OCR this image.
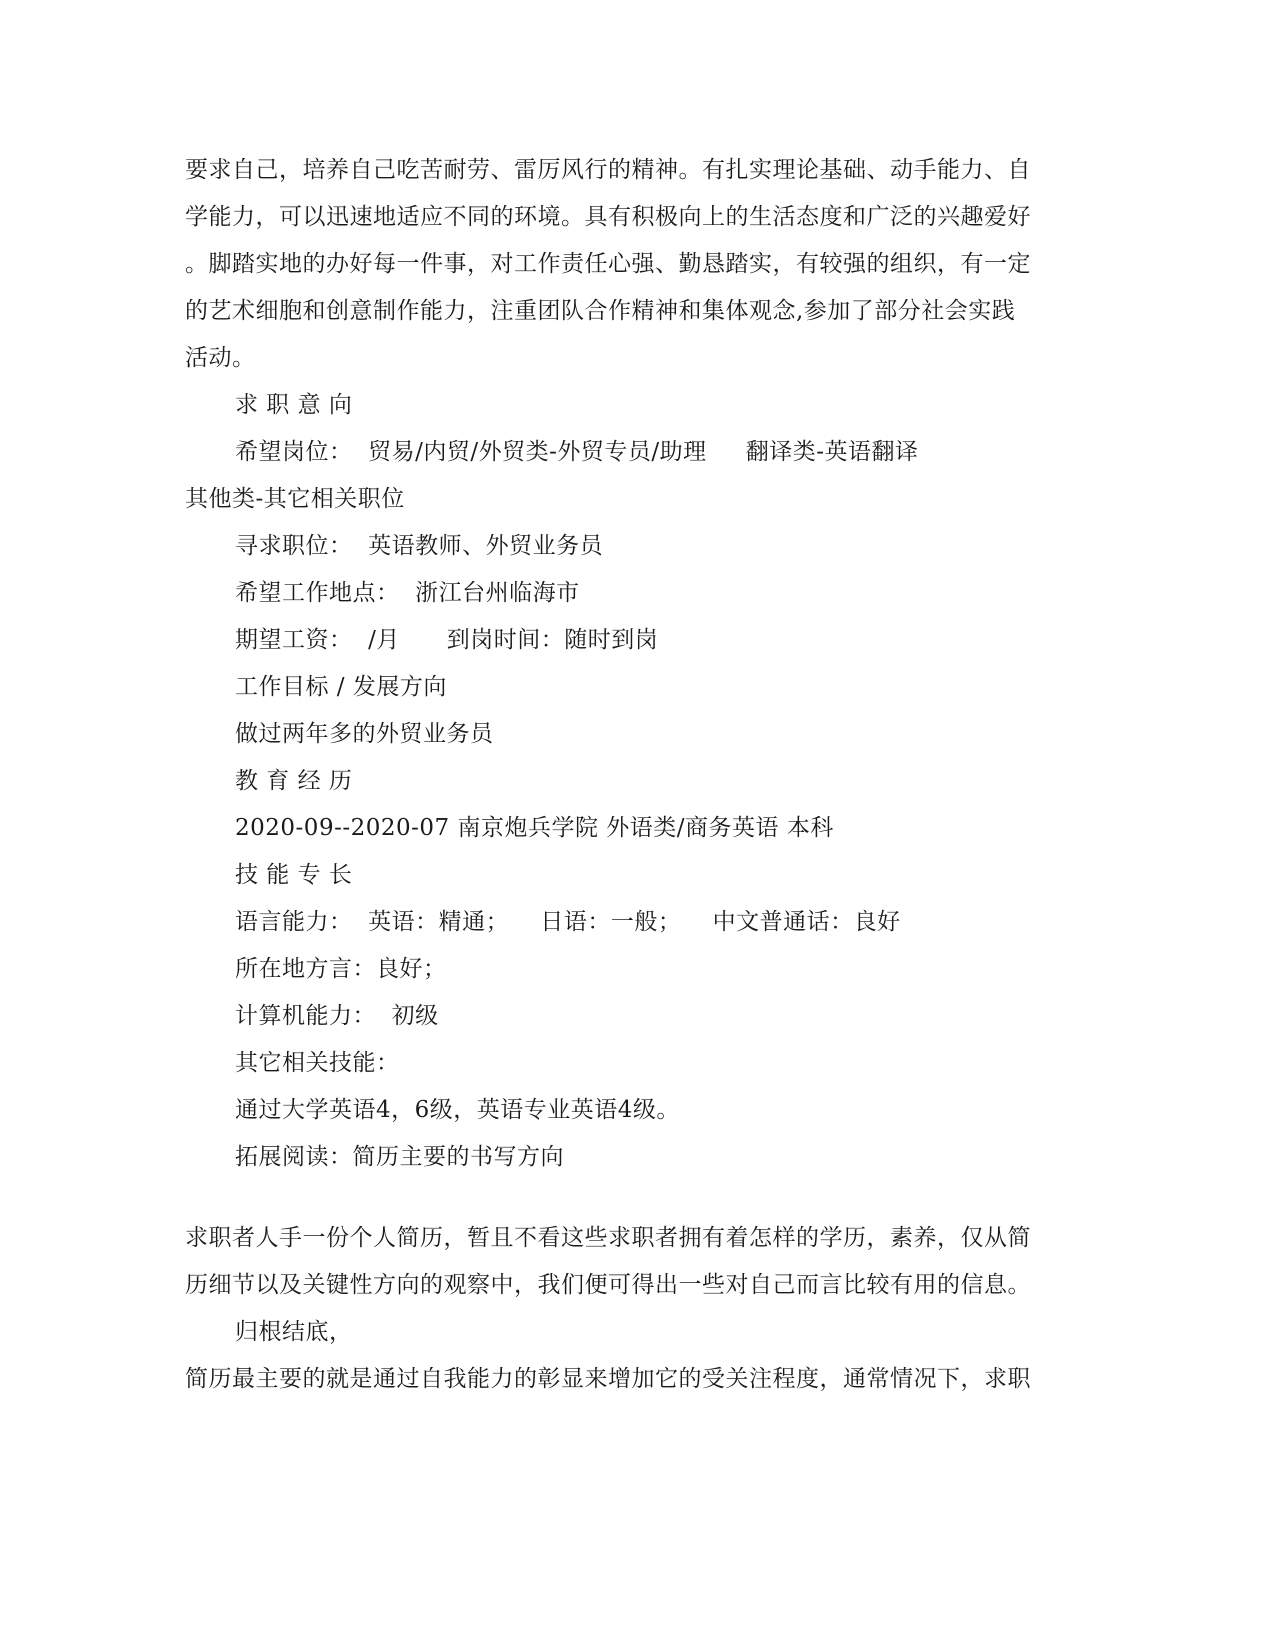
要求自己，培养自己吃苦耐劳、雷厉风行的精神。有扎实理论基础、动手能力、自
学能力，可以迅速地适应不同的环境。具有积极向上的生活态度和广泛的兴趣爱好
。脚踏实地的办好每一件事，对工作责任心强、勤恳踏实，有较强的组织，有一定
的艺术细胞和创意制作能力，注重团队合作精神和集体观念,参加了部分社会实践
活动。
求 职 意 向
希望岗位：  贸易/内贸/外贸类-外贸专员/助理     翻译类-英语翻译
其他类-其它相关职位
寻求职位：  英语教师、外贸业务员
希望工作地点：  浙江台州临海市
期望工资：  /月      到岗时间：随时到岗
工作目标 / 发展方向
做过两年多的外贸业务员
教 育 经 历
2020-09--2020-07 南京炮兵学院 外语类/商务英语 本科
技 能 专 长
语言能力：  英语：精通；    日语：一般；    中文普通话：良好
所在地方言：良好；
计算机能力：  初级
其它相关技能：
通过大学英语4，6级，英语专业英语4级。
拓展阅读：简历主要的书写方向
求职者人手一份个人简历，暂且不看这些求职者拥有着怎样的学历，素养，仅从简
历细节以及关键性方向的观察中，我们便可得出一些对自己而言比较有用的信息。
归根结底，
简历最主要的就是通过自我能力的彰显来增加它的受关注程度，通常情况下，求职
